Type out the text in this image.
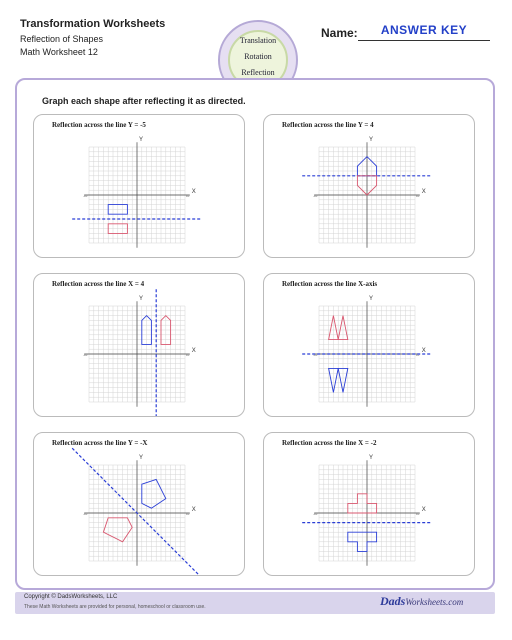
Transformation Worksheets
Reflection of Shapes
Math Worksheet 12
Translation
Rotation
Reflection
Name:	ANSWER KEY
Graph each shape after reflecting it as directed.
X
Y
-10	10
Reflection across the line Y = -5
X
Y
-10	10
Reflection across the line Y = 4
X
Y
-10	10
Reflection across the line X = 4
X
Y
-10	10
Reflection across the line X-axis
X
Y
-10	10
Reflection across the line Y = -X
X
Y
-10	10
Reflection across the line X = -2
Copyright © DadsWorksheets, LLC
These Math Worksheets are provided for personal, homeschool or classroom use.	DadsWorksheets.com
